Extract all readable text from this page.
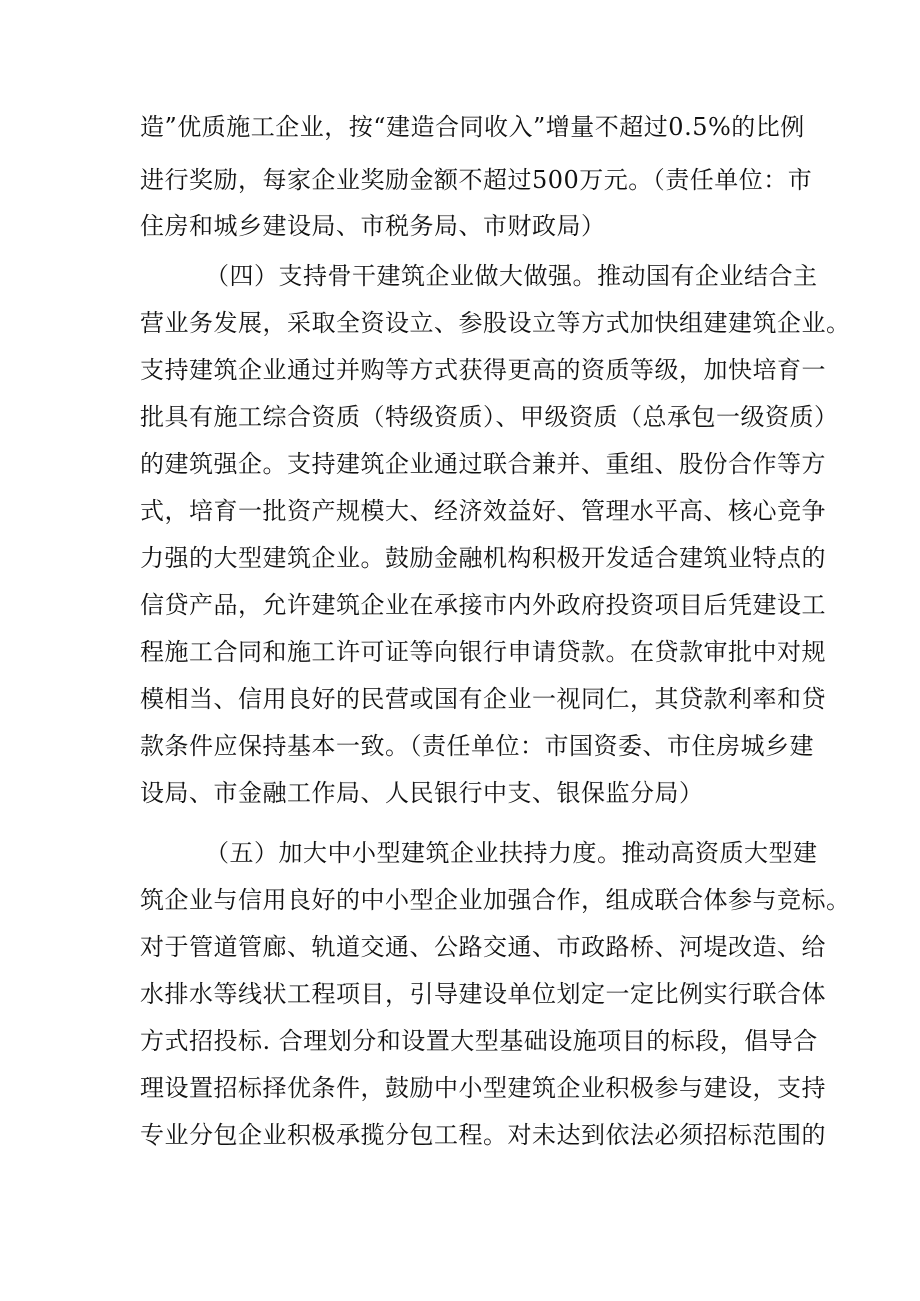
造”优质施工企业，按“建造合同收入”增量不超过0.5%的比例
进行奖励，每家企业奖励金额不超过500万元。（责任单位：市
住房和城乡建设局、市税务局、市财政局）
（四）支持骨干建筑企业做大做强。推动国有企业结合主
营业务发展，采取全资设立、参股设立等方式加快组建建筑企业。
支持建筑企业通过并购等方式获得更高的资质等级，加快培育一
批具有施工综合资质（特级资质）、甲级资质（总承包一级资质）
的建筑强企。支持建筑企业通过联合兼并、重组、股份合作等方
式，培育一批资产规模大、经济效益好、管理水平高、核心竞争
力强的大型建筑企业。鼓励金融机构积极开发适合建筑业特点的
信贷产品，允许建筑企业在承接市内外政府投资项目后凭建设工
程施工合同和施工许可证等向银行申请贷款。在贷款审批中对规
模相当、信用良好的民营或国有企业一视同仁，其贷款利率和贷
款条件应保持基本一致。（责任单位：市国资委、市住房城乡建
设局、市金融工作局、人民银行中支、银保监分局）
（五）加大中小型建筑企业扶持力度。推动高资质大型建
筑企业与信用良好的中小型企业加强合作，组成联合体参与竞标。
对于管道管廊、轨道交通、公路交通、市政路桥、河堤改造、给
水排水等线状工程项目，引导建设单位划定一定比例实行联合体
方式招投标. 合理划分和设置大型基础设施项目的标段，倡导合
理设置招标择优条件，鼓励中小型建筑企业积极参与建设，支持
专业分包企业积极承揽分包工程。对未达到依法必须招标范围的
